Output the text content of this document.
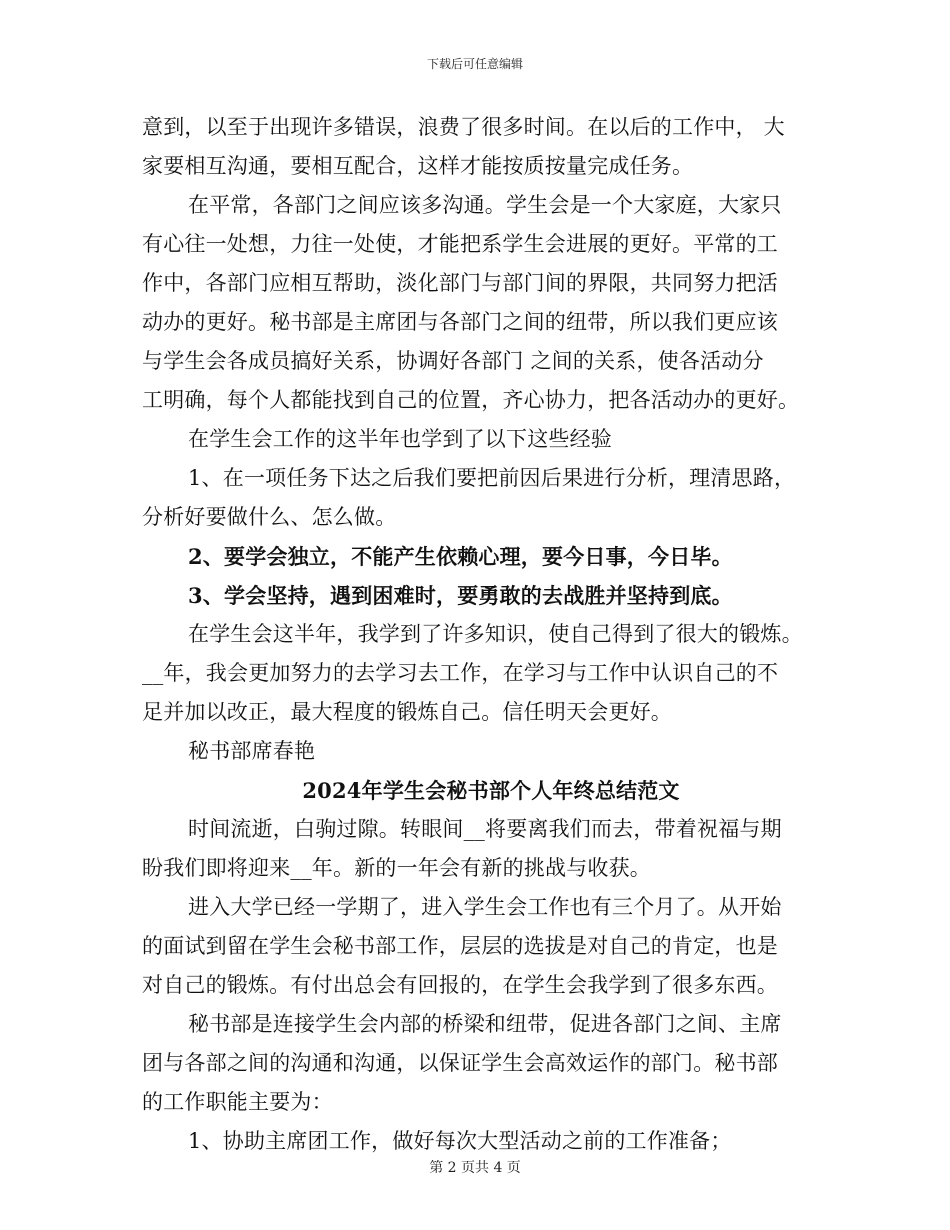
下载后可任意编辑
意到，以至于出现许多错误，浪费了很多时间。在以后的工作中， 大
家要相互沟通，要相互配合，这样才能按质按量完成任务。
在平常，各部门之间应该多沟通。学生会是一个大家庭，大家只
有心往一处想，力往一处使，才能把系学生会进展的更好。平常的工
作中，各部门应相互帮助，淡化部门与部门间的界限，共同努力把活
动办的更好。秘书部是主席团与各部门之间的纽带，所以我们更应该
与学生会各成员搞好关系，协调好各部门 之间的关系，使各活动分
工明确，每个人都能找到自己的位置，齐心协力，把各活动办的更好。
在学生会工作的这半年也学到了以下这些经验
1、在一项任务下达之后我们要把前因后果进行分析，理清思路，
分析好要做什么、怎么做。
2、要学会独立，不能产生依赖心理，要今日事，今日毕。
3、学会坚持，遇到困难时，要勇敢的去战胜并坚持到底。
在学生会这半年，我学到了许多知识，使自己得到了很大的锻炼。
__年，我会更加努力的去学习去工作，在学习与工作中认识自己的不
足并加以改正，最大程度的锻炼自己。信任明天会更好。
秘书部席春艳
2024年学生会秘书部个人年终总结范文
时间流逝，白驹过隙。转眼间__将要离我们而去，带着祝福与期
盼我们即将迎来__年。新的一年会有新的挑战与收获。
进入大学已经一学期了，进入学生会工作也有三个月了。从开始
的面试到留在学生会秘书部工作，层层的选拔是对自己的肯定，也是
对自己的锻炼。有付出总会有回报的，在学生会我学到了很多东西。
秘书部是连接学生会内部的桥梁和纽带，促进各部门之间、主席
团与各部之间的沟通和沟通，以保证学生会高效运作的部门。秘书部
的工作职能主要为：
1、协助主席团工作，做好每次大型活动之前的工作准备；
第 2 页共 4 页
